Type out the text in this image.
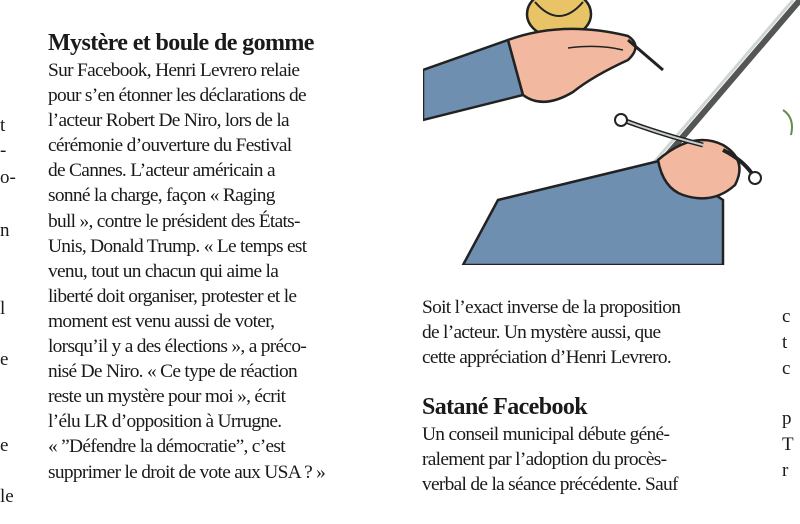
t
-
o-
n
l
e
e
le
Mystère et boule de gomme
Sur Facebook, Henri Levrero relaie
pour s’en étonner les déclarations de
l’acteur Robert De Niro, lors de la
cérémonie d’ouverture du Festival
de Cannes. L’acteur américain a
sonné la charge, façon « Raging
bull », contre le président des États-
Unis, Donald Trump. « Le temps est
venu, tout un chacun qui aime la
liberté doit organiser, protester et le
moment est venu aussi de voter,
lorsqu’il y a des élections », a préco-
nisé De Niro. « Ce type de réaction
reste un mystère pour moi », écrit
l’élu LR d’opposition à Urrugne.
« ”Défendre la démocratie”, c’est
supprimer le droit de vote aux USA ? »
Soit l’exact inverse de la proposition
de l’acteur. Un mystère aussi, que
cette appréciation d’Henri Levrero.
Satané Facebook
Un conseil municipal débute géné-
ralement par l’adoption du procès-
verbal de la séance précédente. Sauf
c
t
c
p
T
r
